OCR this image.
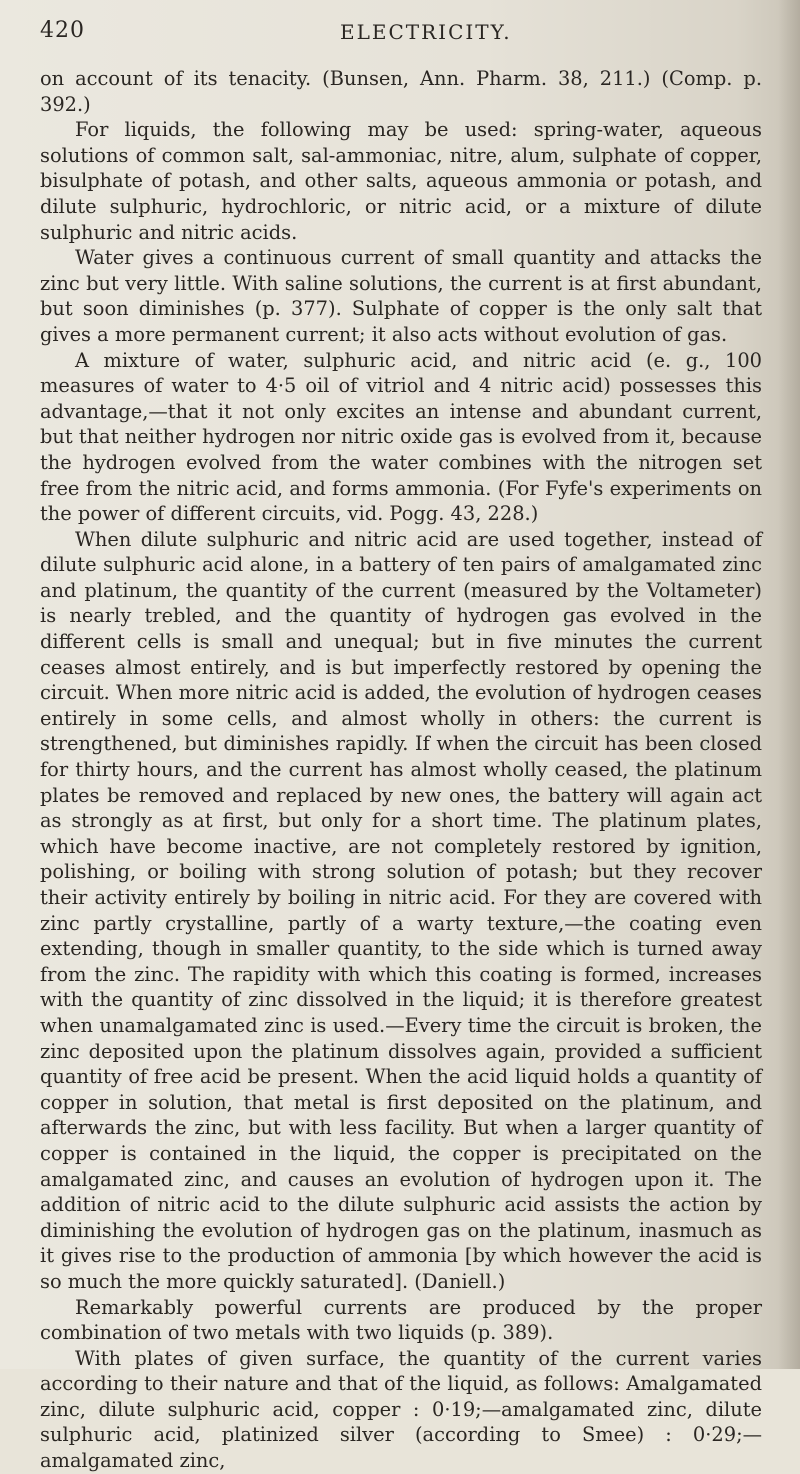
420	ELECTRICITY.

on account of its tenacity. (Bunsen, Ann. Pharm. 38, 211.) (Comp. p. 392.)

For liquids, the following may be used: spring-water, aqueous solutions of common salt, sal-ammoniac, nitre, alum, sulphate of copper, bisulphate of potash, and other salts, aqueous ammonia or potash, and dilute sulphuric, hydrochloric, or nitric acid, or a mixture of dilute sulphuric and nitric acids.

Water gives a continuous current of small quantity and attacks the zinc but very little. With saline solutions, the current is at first abundant, but soon diminishes (p. 377). Sulphate of copper is the only salt that gives a more permanent current; it also acts without evolution of gas.

A mixture of water, sulphuric acid, and nitric acid (e. g., 100 measures of water to 4·5 oil of vitriol and 4 nitric acid) possesses this advantage,—that it not only excites an intense and abundant current, but that neither hydrogen nor nitric oxide gas is evolved from it, because the hydrogen evolved from the water combines with the nitrogen set free from the nitric acid, and forms ammonia. (For Fyfe's experiments on the power of different circuits, vid. Pogg. 43, 228.)

When dilute sulphuric and nitric acid are used together, instead of dilute sulphuric acid alone, in a battery of ten pairs of amalgamated zinc and platinum, the quantity of the current (measured by the Voltameter) is nearly trebled, and the quantity of hydrogen gas evolved in the different cells is small and unequal; but in five minutes the current ceases almost entirely, and is but imperfectly restored by opening the circuit. When more nitric acid is added, the evolution of hydrogen ceases entirely in some cells, and almost wholly in others: the current is strengthened, but diminishes rapidly. If when the circuit has been closed for thirty hours, and the current has almost wholly ceased, the platinum plates be removed and replaced by new ones, the battery will again act as strongly as at first, but only for a short time. The platinum plates, which have become inactive, are not completely restored by ignition, polishing, or boiling with strong solution of potash; but they recover their activity entirely by boiling in nitric acid. For they are covered with zinc partly crystalline, partly of a warty texture,—the coating even extending, though in smaller quantity, to the side which is turned away from the zinc. The rapidity with which this coating is formed, increases with the quantity of zinc dissolved in the liquid; it is therefore greatest when unamalgamated zinc is used.—Every time the circuit is broken, the zinc deposited upon the platinum dissolves again, provided a sufficient quantity of free acid be present. When the acid liquid holds a quantity of copper in solution, that metal is first deposited on the platinum, and afterwards the zinc, but with less facility. But when a larger quantity of copper is contained in the liquid, the copper is precipitated on the amalgamated zinc, and causes an evolution of hydrogen upon it. The addition of nitric acid to the dilute sulphuric acid assists the action by diminishing the evolution of hydrogen gas on the platinum, inasmuch as it gives rise to the production of ammonia [by which however the acid is so much the more quickly saturated]. (Daniell.)

Remarkably powerful currents are produced by the proper combination of two metals with two liquids (p. 389).

With plates of given surface, the quantity of the current varies according to their nature and that of the liquid, as follows: Amalgamated zinc, dilute sulphuric acid, copper : 0·19;—amalgamated zinc, dilute sulphuric acid, platinized silver (according to Smee) : 0·29;—amalgamated zinc,
